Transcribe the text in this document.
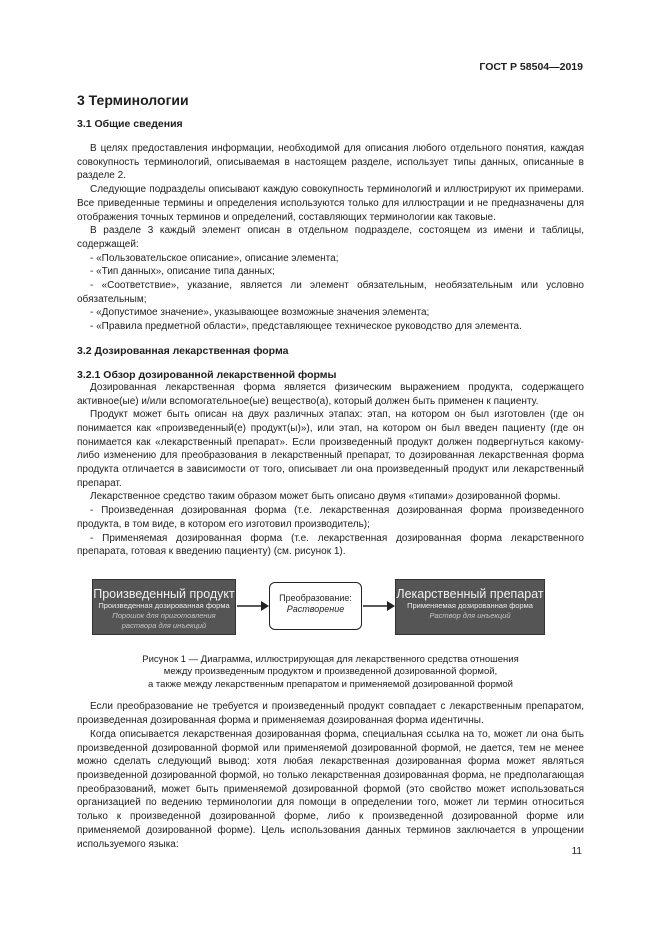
ГОСТ Р 58504—2019
3 Терминологии
3.1 Общие сведения

В целях предоставления информации, необходимой для описания любого отдельного понятия, каждая совокупность терминологий, описываемая в настоящем разделе, использует типы данных, описанные в разделе 2.

Следующие подразделы описывают каждую совокупность терминологий и иллюстрируют их примерами. Все приведенные термины и определения используются только для иллюстрации и не предназначены для отображения точных терминов и определений, составляющих терминологии как таковые.

В разделе 3 каждый элемент описан в отдельном подразделе, состоящем из имени и таблицы, содержащей:

- «Пользовательское описание», описание элемента;

- «Тип данных», описание типа данных;

- «Соответствие», указание, является ли элемент обязательным, необязательным или условно обязательным;

- «Допустимое значение», указывающее возможные значения элемента;

- «Правила предметной области», представляющее техническое руководство для элемента.

3.2 Дозированная лекарственная форма
3.2.1 Обзор дозированной лекарственной формы

Дозированная лекарственная форма является физическим выражением продукта, содержащего активное(ые) и/или вспомогательное(ые) вещество(а), который должен быть применен к пациенту.

Продукт может быть описан на двух различных этапах: этап, на котором он был изготовлен (где он понимается как «произведенный(е) продукт(ы)»), или этап, на котором он был введен пациенту (где он понимается как «лекарственный препарат». Если произведенный продукт должен подвергнуться какому-либо изменению для преобразования в лекарственный препарат, то дозированная лекарственная форма продукта отличается в зависимости от того, описывает ли она произведенный продукт или лекарственный препарат.

Лекарственное средство таким образом может быть описано двумя «типами» дозированной формы.

- Произведенная дозированная форма (т.е. лекарственная дозированная форма произведенного продукта, в том виде, в котором его изготовил производитель);

- Применяемая дозированная форма (т.е. лекарственная дозированная форма лекарственного препарата, готовая к введению пациенту) (см. рисунок 1).

Произведенный продукт
Произведенная дозированная форма
Порошок для приготовления
раствора для инъекций
Преобразование:
Растворение
Лекарственный препарат
Применяемая дозированная форма
Раствор для инъекций
Рисунок 1 — Диаграмма, иллюстрирующая для лекарственного средства отношения
между произведенным продуктом и произведенной дозированной формой,
а также между лекарственным препаратом и применяемой дозированной формой

Если преобразование не требуется и произведенный продукт совпадает с лекарственным препаратом, произведенная дозированная форма и применяемая дозированная форма идентичны.

Когда описывается лекарственная дозированная форма, специальная ссылка на то, может ли она быть произведенной дозированной формой или применяемой дозированной формой, не дается, тем не менее можно сделать следующий вывод: хотя любая лекарственная дозированная форма может являться произведенной дозированной формой, но только лекарственная дозированная форма, не предполагающая преобразований, может быть применяемой дозированной формой (это свойство может использоваться организацией по ведению терминологии для помощи в определении того, может ли термин относиться только к произведенной дозированной форме, либо к произведенной дозированной форме или применяемой дозированной форме). Цель использования данных терминов заключается в упрощении используемого языка:

11
